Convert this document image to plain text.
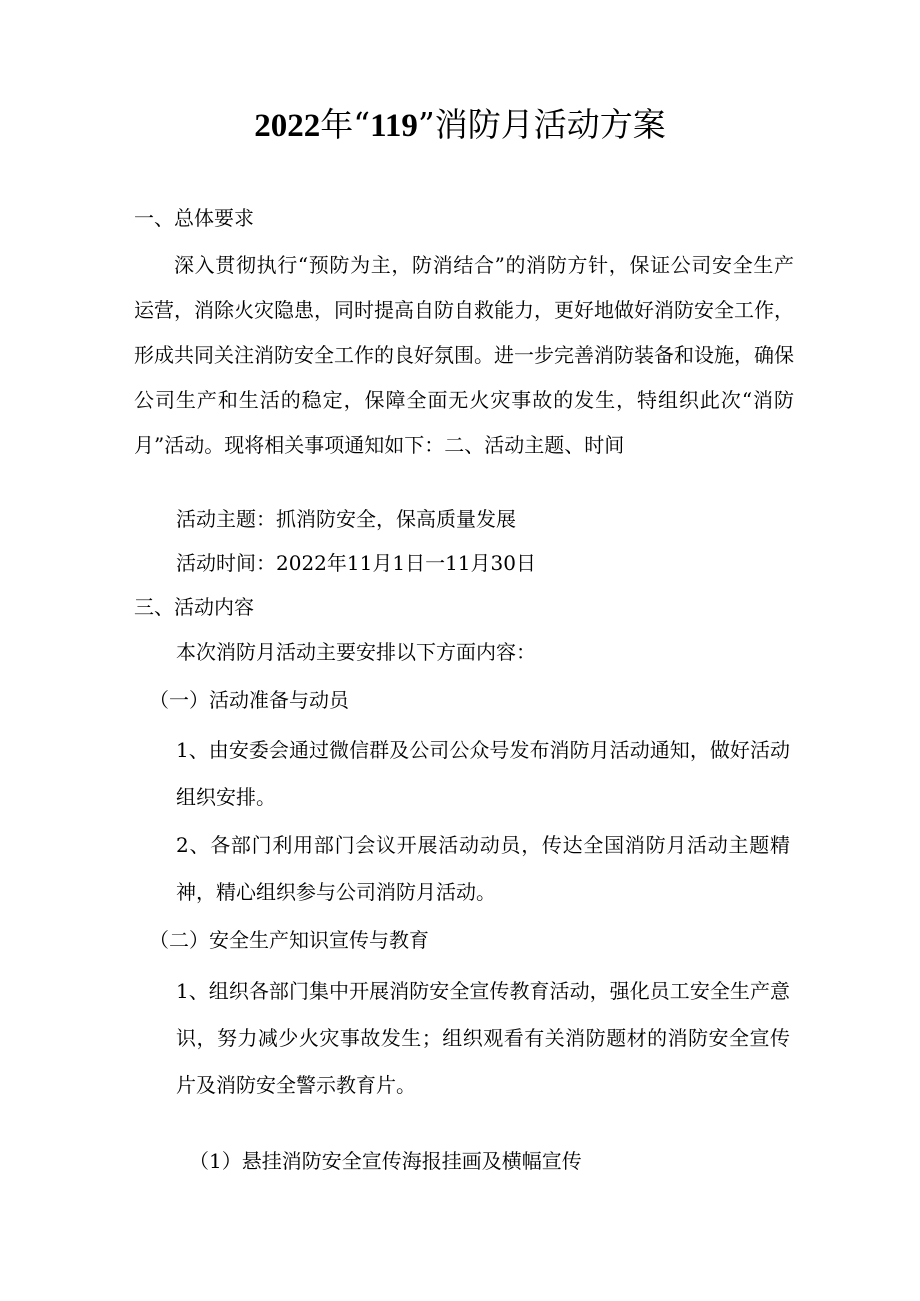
2022年“119”消防月活动方案
一、总体要求
深入贯彻执行“预防为主，防消结合”的消防方针，保证公司安全生产运营，消除火灾隐患，同时提高自防自救能力，更好地做好消防安全工作，形成共同关注消防安全工作的良好氛围。进一步完善消防装备和设施，确保公司生产和生活的稳定，保障全面无火灾事故的发生，特组织此次“消防月”活动。现将相关事项通知如下：二、活动主题、时间
活动主题：抓消防安全，保高质量发展
活动时间：2022年11月1日一11月30日
三、活动内容
本次消防月活动主要安排以下方面内容：
（一）活动准备与动员
1、由安委会通过微信群及公司公众号发布消防月活动通知，做好活动组织安排。
2、各部门利用部门会议开展活动动员，传达全国消防月活动主题精神，精心组织参与公司消防月活动。
（二）安全生产知识宣传与教育
1、组织各部门集中开展消防安全宣传教育活动，强化员工安全生产意识，努力减少火灾事故发生；组织观看有关消防题材的消防安全宣传片及消防安全警示教育片。
（1）悬挂消防安全宣传海报挂画及横幅宣传
